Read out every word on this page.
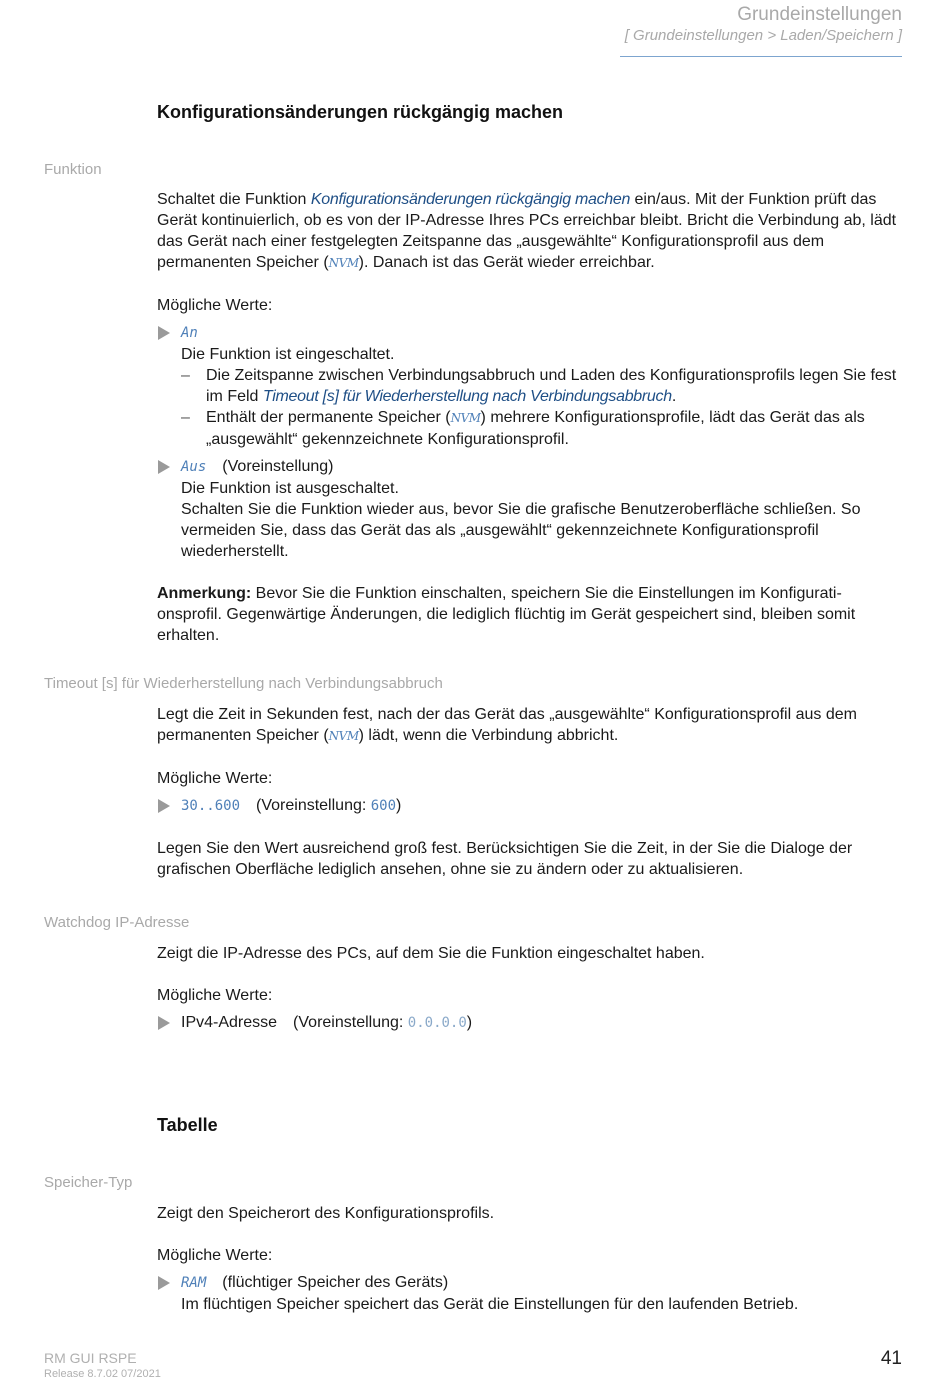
Grundeinstellungen
[ Grundeinstellungen > Laden/Speichern ]
Konfigurationsänderungen rückgängig machen
Funktion

Schaltet die Funktion Konfigurationsänderungen rückgängig machen ein/aus. Mit der Funktion prüft das Gerät kontinuierlich, ob es von der IP-Adresse Ihres PCs erreichbar bleibt. Bricht die Verbindung ab, lädt das Gerät nach einer festgelegten Zeitspanne das „ausgewählte“ Konfigurationsprofil aus dem permanenten Speicher (NVM). Danach ist das Gerät wieder erreichbar.

Mögliche Werte:

An
Die Funktion ist eingeschaltet.
– Die Zeitspanne zwischen Verbindungsabbruch und Laden des Konfigurationsprofils legen Sie fest im Feld Timeout [s] für Wiederherstellung nach Verbindungsabbruch.
– Enthält der permanente Speicher (NVM) mehrere Konfigurationsprofile, lädt das Gerät das als „ausgewählt“ gekennzeichnete Konfigurationsprofil.
Aus (Voreinstellung)
Die Funktion ist ausgeschaltet.
Schalten Sie die Funktion wieder aus, bevor Sie die grafische Benutzeroberfläche schließen. So vermeiden Sie, dass das Gerät das als „ausgewählt“ gekennzeichnete Konfigurationsprofil wiederherstellt.

Anmerkung: Bevor Sie die Funktion einschalten, speichern Sie die Einstellungen im Konfigurati-onsprofil. Gegenwärtige Änderungen, die lediglich flüchtig im Gerät gespeichert sind, bleiben somit erhalten.

Timeout [s] für Wiederherstellung nach Verbindungsabbruch

Legt die Zeit in Sekunden fest, nach der das Gerät das „ausgewählte“ Konfigurationsprofil aus dem permanenten Speicher (NVM) lädt, wenn die Verbindung abbricht.

Mögliche Werte:

30..600 (Voreinstellung: 600)

Legen Sie den Wert ausreichend groß fest. Berücksichtigen Sie die Zeit, in der Sie die Dialoge der grafischen Oberfläche lediglich ansehen, ohne sie zu ändern oder zu aktualisieren.

Watchdog IP-Adresse

Zeigt die IP-Adresse des PCs, auf dem Sie die Funktion eingeschaltet haben.

Mögliche Werte:

IPv4-Adresse (Voreinstellung: 0.0.0.0)
Tabelle
Speicher-Typ

Zeigt den Speicherort des Konfigurationsprofils.

Mögliche Werte:

RAM (flüchtiger Speicher des Geräts)
Im flüchtigen Speicher speichert das Gerät die Einstellungen für den laufenden Betrieb.
RM GUI RSPE
Release 8.7.02 07/2021
41
